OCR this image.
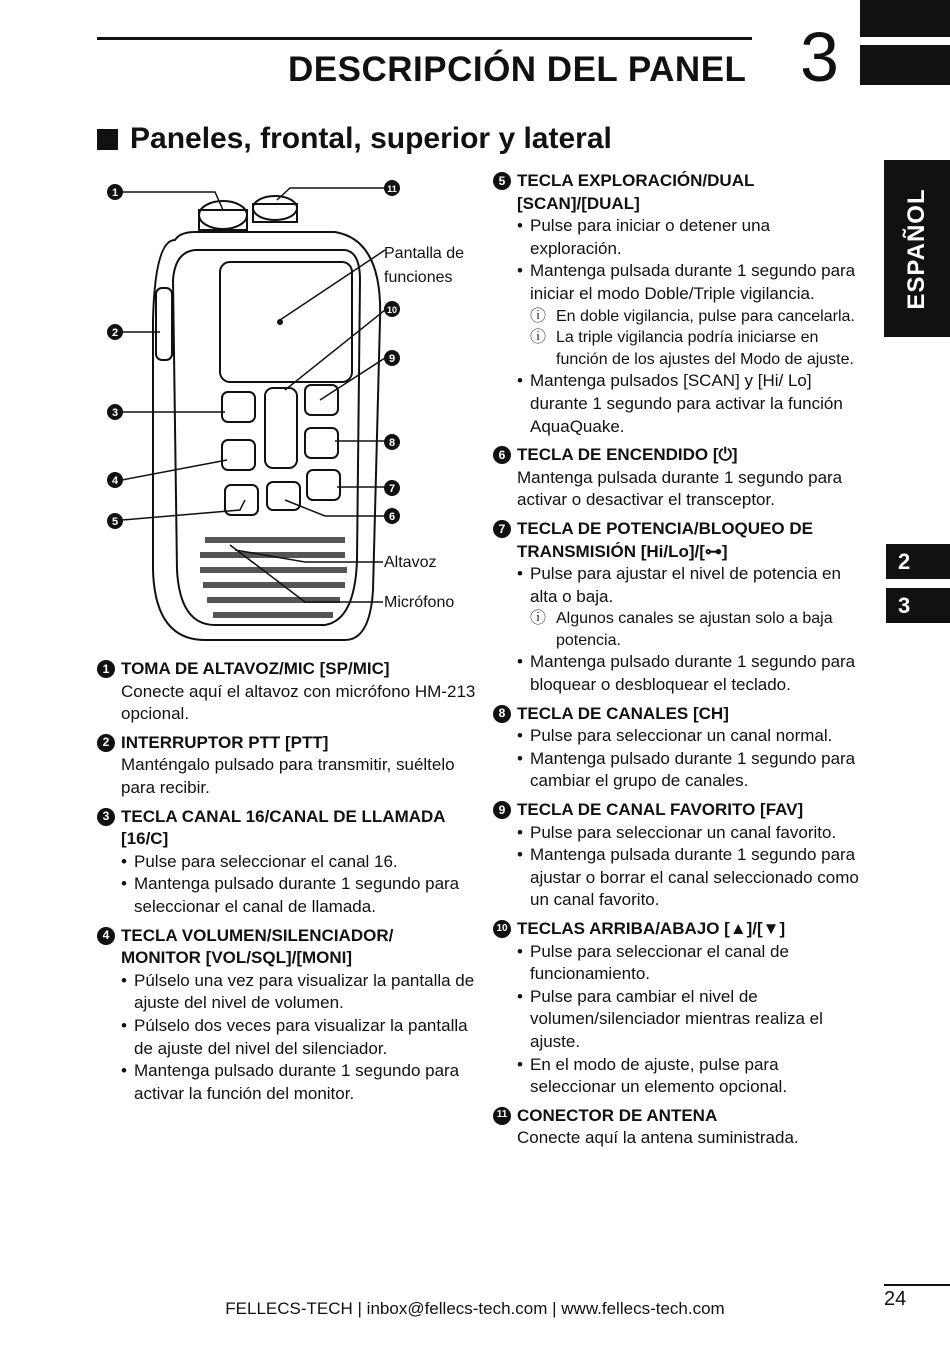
DESCRIPCIÓN DEL PANEL 3
Paneles, frontal, superior y lateral
ESPAÑOL
2
3
1
2
3
4
5	6
7
8
9
10
11
Pantalla de
funciones
Altavoz
Micrófono
1 TOMA DE ALTAVOZ/MIC [SP/MIC]
Conecte aquí el altavoz con micrófono HM-213 opcional.
2 INTERRUPTOR PTT [PTT]
Manténgalo pulsado para transmitir, suéltelo para recibir.
3 TECLA CANAL 16/CANAL DE LLAMADA [16/C]
• Pulse para seleccionar el canal 16.
• Mantenga pulsado durante 1 segundo para seleccionar el canal de llamada.
4 TECLA VOLUMEN/SILENCIADOR/ MONITOR [VOL/SQL]/[MONI]
• Púlselo una vez para visualizar la pantalla de ajuste del nivel de volumen.
• Púlselo dos veces para visualizar la pantalla de ajuste del nivel del silenciador.
• Mantenga pulsado durante 1 segundo para activar la función del monitor.
5 TECLA EXPLORACIÓN/DUAL [SCAN]/[DUAL]
• Pulse para iniciar o detener una exploración.
• Mantenga pulsada durante 1 segundo para iniciar el modo Doble/Triple vigilancia.
ⓘ En doble vigilancia, pulse para cancelarla.
ⓘ La triple vigilancia podría iniciarse en función de los ajustes del Modo de ajuste.
• Mantenga pulsados [SCAN] y [Hi/ Lo] durante 1 segundo para activar la función AquaQuake.
6 TECLA DE ENCENDIDO [⏻]
Mantenga pulsada durante 1 segundo para activar o desactivar el transceptor.
7 TECLA DE POTENCIA/BLOQUEO DE TRANSMISIÓN [Hi/Lo]/[⊶]
• Pulse para ajustar el nivel de potencia en alta o baja.
ⓘ Algunos canales se ajustan solo a baja potencia.
• Mantenga pulsado durante 1 segundo para bloquear o desbloquear el teclado.
8 TECLA DE CANALES [CH]
• Pulse para seleccionar un canal normal.
• Mantenga pulsado durante 1 segundo para cambiar el grupo de canales.
9 TECLA DE CANAL FAVORITO [FAV]
• Pulse para seleccionar un canal favorito.
• Mantenga pulsada durante 1 segundo para ajustar o borrar el canal seleccionado como un canal favorito.
10 TECLAS ARRIBA/ABAJO [▲]/[▼]
• Pulse para seleccionar el canal de funcionamiento.
• Pulse para cambiar el nivel de volumen/silenciador mientras realiza el ajuste.
• En el modo de ajuste, pulse para seleccionar un elemento opcional.
11 CONECTOR DE ANTENA
Conecte aquí la antena suministrada.
24
FELLECS-TECH | inbox@fellecs-tech.com | www.fellecs-tech.com
